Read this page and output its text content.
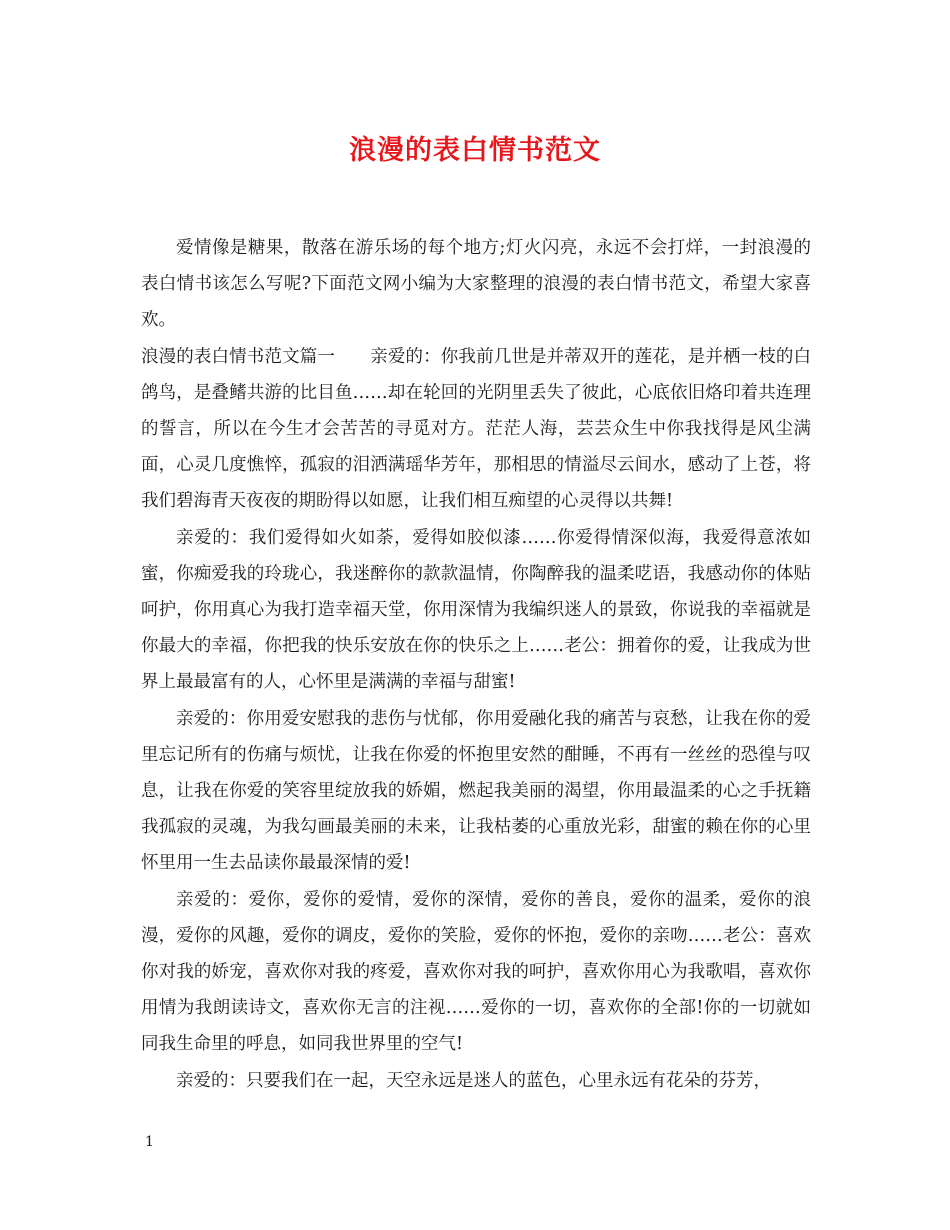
浪漫的表白情书范文

爱情像是糖果，散落在游乐场的每个地方;灯火闪亮，永远不会打烊，一封浪漫的表白情书该怎么写呢?下面范文网小编为大家整理的浪漫的表白情书范文，希望大家喜欢。

浪漫的表白情书范文篇一　　亲爱的：你我前几世是并蒂双开的莲花，是并栖一枝的白鸽鸟，是叠鳍共游的比目鱼……却在轮回的光阴里丢失了彼此，心底依旧烙印着共连理的誓言，所以在今生才会苦苦的寻觅对方。茫茫人海，芸芸众生中你我找得是风尘满面，心灵几度憔悴，孤寂的泪洒满瑶华芳年，那相思的情溢尽云间水，感动了上苍，将我们碧海青天夜夜的期盼得以如愿，让我们相互痴望的心灵得以共舞!

亲爱的：我们爱得如火如荼，爱得如胶似漆……你爱得情深似海，我爱得意浓如蜜，你痴爱我的玲珑心，我迷醉你的款款温情，你陶醉我的温柔呓语，我感动你的体贴呵护，你用真心为我打造幸福天堂，你用深情为我编织迷人的景致，你说我的幸福就是你最大的幸福，你把我的快乐安放在你的快乐之上……老公：拥着你的爱，让我成为世界上最最富有的人，心怀里是满满的幸福与甜蜜!

亲爱的：你用爱安慰我的悲伤与忧郁，你用爱融化我的痛苦与哀愁，让我在你的爱里忘记所有的伤痛与烦忧，让我在你爱的怀抱里安然的酣睡，不再有一丝丝的恐徨与叹息，让我在你爱的笑容里绽放我的娇媚，燃起我美丽的渴望，你用最温柔的心之手抚籍我孤寂的灵魂，为我勾画最美丽的未来，让我枯萎的心重放光彩，甜蜜的赖在你的心里怀里用一生去品读你最最深情的爱!

亲爱的：爱你，爱你的爱情，爱你的深情，爱你的善良，爱你的温柔，爱你的浪漫，爱你的风趣，爱你的调皮，爱你的笑脸，爱你的怀抱，爱你的亲吻……老公：喜欢你对我的娇宠，喜欢你对我的疼爱，喜欢你对我的呵护，喜欢你用心为我歌唱，喜欢你用情为我朗读诗文，喜欢你无言的注视……爱你的一切，喜欢你的全部!你的一切就如同我生命里的呼息，如同我世界里的空气!

亲爱的：只要我们在一起，天空永远是迷人的蓝色，心里永远有花朵的芬芳，

1
